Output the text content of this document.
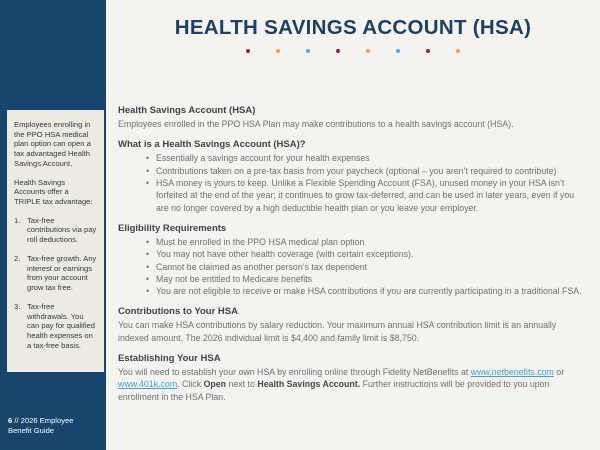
Employees enrolling in the PPO HSA medical plan option can open a tax advantaged Health Savings Account.

Health Savings Accounts offer a TRIPLE tax advantage:

1. Tax-free contributions via pay roll deductions.
2. Tax-free growth. Any interest or earnings from your account grow tax free.
3. Tax-free withdrawals. You can pay for qualified health expenses on a tax-free basis.
6 // 2026 Employee Benefit Guide
HEALTH SAVINGS ACCOUNT (HSA)
Health Savings Account (HSA)

Employees enrolled in the PPO HSA Plan may make contributions to a health savings account (HSA).

What is a Health Savings Account (HSA)?
• Essentially a savings account for your health expenses
• Contributions taken on a pre-tax basis from your paycheck (optional – you aren’t required to contribute)
• HSA money is yours to keep. Unlike a Flexible Spending Account (FSA), unused money in your HSA isn’t forfeited at the end of the year; it continues to grow tax-deferred, and can be used in later years, even if you are no longer covered by a high deductible health plan or you leave your employer.
Eligibility Requirements
• Must be enrolled in the PPO HSA medical plan option
• You may not have other health coverage (with certain exceptions).
• Cannot be claimed as another person’s tax dependent
• May not be entitled to Medicare benefits
• You are not eligible to receive or make HSA contributions if you are currently participating in a traditional FSA.
Contributions to Your HSA

You can make HSA contributions by salary reduction. Your maximum annual HSA contribution limit is an annually indexed amount. The 2026 individual limit is $4,400 and family limit is $8,750.

Establishing Your HSA

You will need to establish your own HSA by enrolling online through Fidelity NetBenefits at www.netbenefits.com or www.401k.com. Click Open next to Health Savings Account. Further instructions will be provided to you upon enrollment in the HSA Plan.
